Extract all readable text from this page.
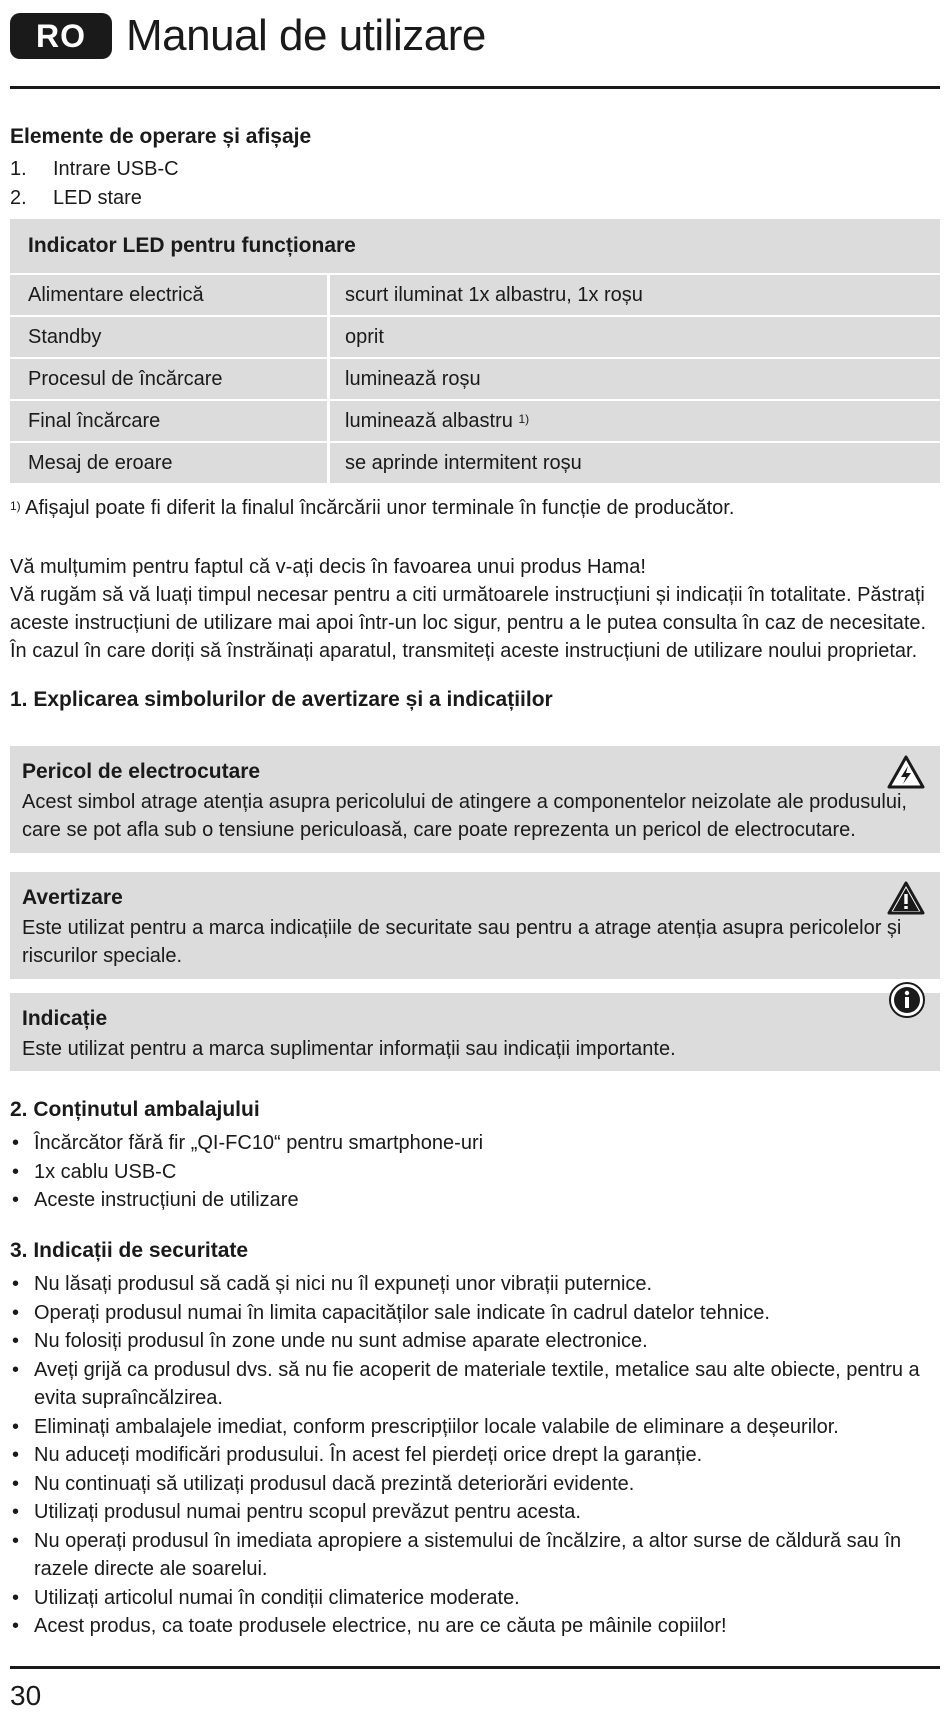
RO Manual de utilizare
Elemente de operare și afișaje
1.	Intrare USB-C
2.	LED stare
Indicator LED pentru funcționare
Alimentare electrică	scurt iluminat 1x albastru, 1x roșu
Standby	oprit
Procesul de încărcare	luminează roșu
Final încărcare	luminează albastru $^{1)}$
Mesaj de eroare	se aprinde intermitent roșu
$^{1)}$ Afișajul poate fi diferit la finalul încărcării unor terminale în funcție de producător.

Vă mulțumim pentru faptul că v-ați decis în favoarea unui produs Hama!

Vă rugăm să vă luați timpul necesar pentru a citi următoarele instrucțiuni și indicații în totalitate. Păstrați aceste instrucțiuni de utilizare mai apoi într-un loc sigur, pentru a le putea consulta în caz de necesitate. În cazul în care doriți să înstrăinați aparatul, transmiteți aceste instrucțiuni de utilizare noului proprietar.

1. Explicarea simbolurilor de avertizare și a indicațiilor
Pericol de electrocutare
Acest simbol atrage atenția asupra pericolului de atingere a componentelor neizolate ale produsului, care se pot afla sub o tensiune periculoasă, care poate reprezenta un pericol de electrocutare.
Avertizare
Este utilizat pentru a marca indicațiile de securitate sau pentru a atrage atenția asupra pericolelor și riscurilor speciale.
Indicație
Este utilizat pentru a marca suplimentar informații sau indicații importante.
2. Conținutul ambalajului
• Încărcător fără fir „QI-FC10“ pentru smartphone-uri
• 1x cablu USB-C
• Aceste instrucțiuni de utilizare
3. Indicații de securitate
• Nu lăsați produsul să cadă și nici nu îl expuneți unor vibrații puternice.
• Operați produsul numai în limita capacităților sale indicate în cadrul datelor tehnice.
• Nu folosiți produsul în zone unde nu sunt admise aparate electronice.
• Aveți grijă ca produsul dvs. să nu fie acoperit de materiale textile, metalice sau alte obiecte, pentru a evita supraîncălzirea.
• Eliminați ambalajele imediat, conform prescripțiilor locale valabile de eliminare a deșeurilor.
• Nu aduceți modificări produsului. În acest fel pierdeți orice drept la garanție.
• Nu continuați să utilizați produsul dacă prezintă deteriorări evidente.
• Utilizați produsul numai pentru scopul prevăzut pentru acesta.
• Nu operați produsul în imediata apropiere a sistemului de încălzire, a altor surse de căldură sau în razele directe ale soarelui.
• Utilizați articolul numai în condiții climaterice moderate.
• Acest produs, ca toate produsele electrice, nu are ce căuta pe mâinile copiilor!
30
